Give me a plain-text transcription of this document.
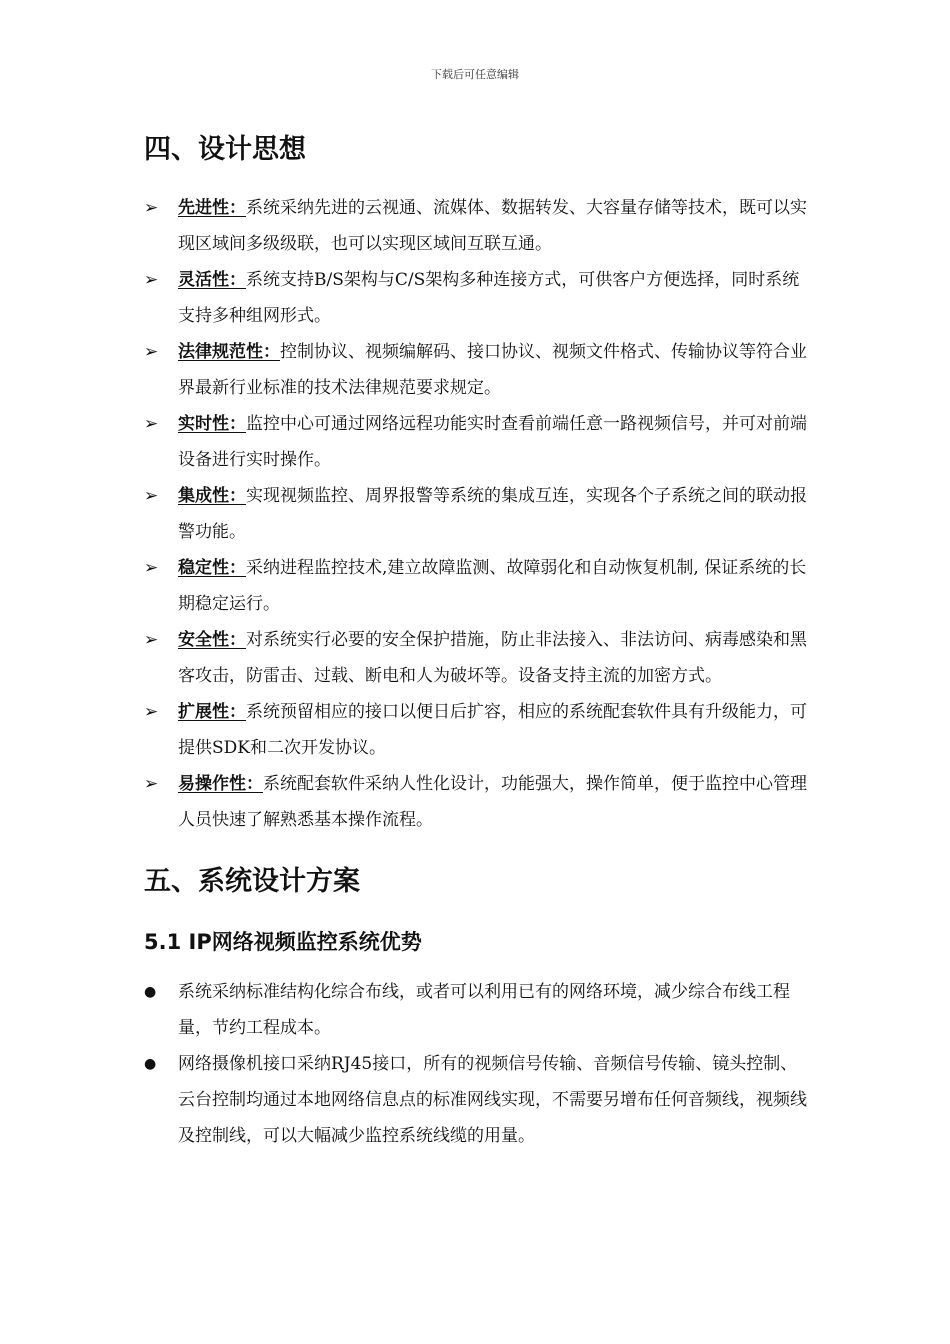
下载后可任意编辑
四、设计思想
➢	先进性：系统采纳先进的云视通、流媒体、数据转发、大容量存储等技术，既可以实现区域间多级级联，也可以实现区域间互联互通。
➢	灵活性：系统支持B/S架构与C/S架构多种连接方式，可供客户方便选择，同时系统支持多种组网形式。
➢	法律规范性：控制协议、视频编解码、接口协议、视频文件格式、传输协议等符合业界最新行业标准的技术法律规范要求规定。
➢	实时性：监控中心可通过网络远程功能实时查看前端任意一路视频信号，并可对前端设备进行实时操作。
➢	集成性：实现视频监控、周界报警等系统的集成互连，实现各个子系统之间的联动报警功能。
➢	稳定性：采纳进程监控技术,建立故障监测、故障弱化和自动恢复机制, 保证系统的长期稳定运行。
➢	安全性：对系统实行必要的安全保护措施，防止非法接入、非法访问、病毒感染和黑客攻击，防雷击、过载、断电和人为破坏等。设备支持主流的加密方式。
➢	扩展性：系统预留相应的接口以便日后扩容，相应的系统配套软件具有升级能力，可提供SDK和二次开发协议。
➢	易操作性：系统配套软件采纳人性化设计，功能强大，操作简单，便于监控中心管理人员快速了解熟悉基本操作流程。
五、系统设计方案
5.1 IP网络视频监控系统优势
●	系统采纳标准结构化综合布线，或者可以利用已有的网络环境，减少综合布线工程量，节约工程成本。
●	网络摄像机接口采纳RJ45接口，所有的视频信号传输、音频信号传输、镜头控制、云台控制均通过本地网络信息点的标准网线实现，不需要另增布任何音频线，视频线及控制线，可以大幅减少监控系统线缆的用量。
